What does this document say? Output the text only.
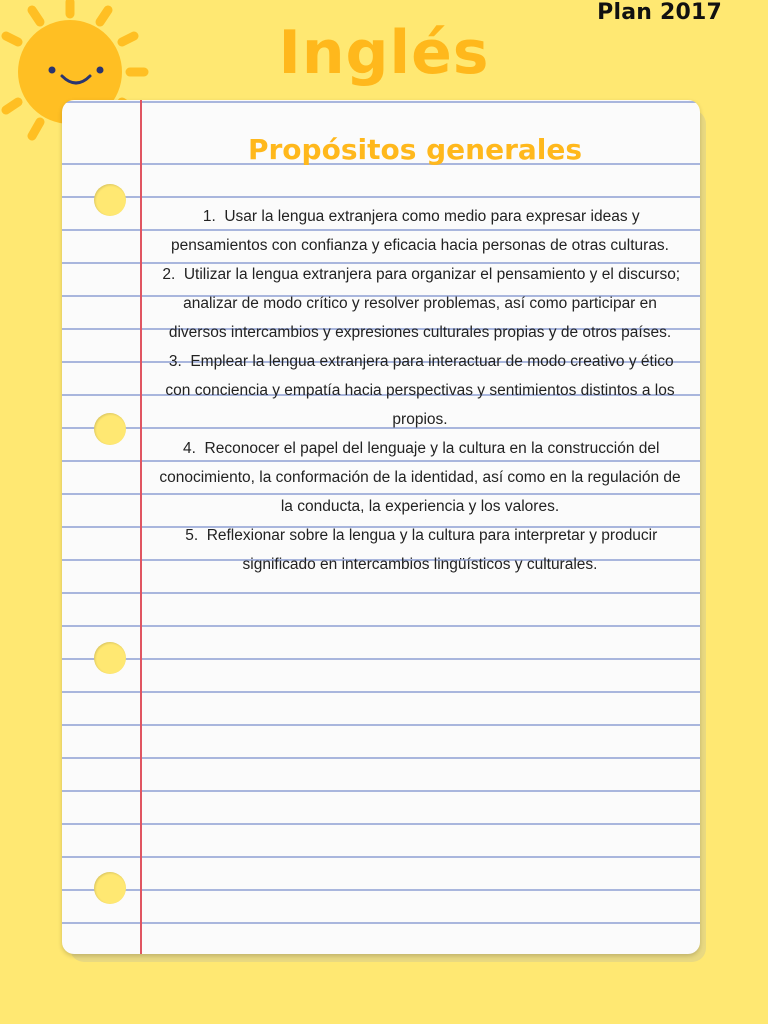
Plan 2017
Inglés
Propósitos generales
1. Usar la lengua extranjera como medio para expresar ideas y pensamientos con confianza y eficacia hacia personas de otras culturas.
2. Utilizar la lengua extranjera para organizar el pensamiento y el discurso; analizar de modo crítico y resolver problemas, así como participar en diversos intercambios y expresiones culturales propias y de otros países.
3. Emplear la lengua extranjera para interactuar de modo creativo y ético con conciencia y empatía hacia perspectivas y sentimientos distintos a los propios.
4. Reconocer el papel del lenguaje y la cultura en la construcción del conocimiento, la conformación de la identidad, así como en la regulación de la conducta, la experiencia y los valores.
5. Reflexionar sobre la lengua y la cultura para interpretar y producir significado en intercambios lingüísticos y culturales.
